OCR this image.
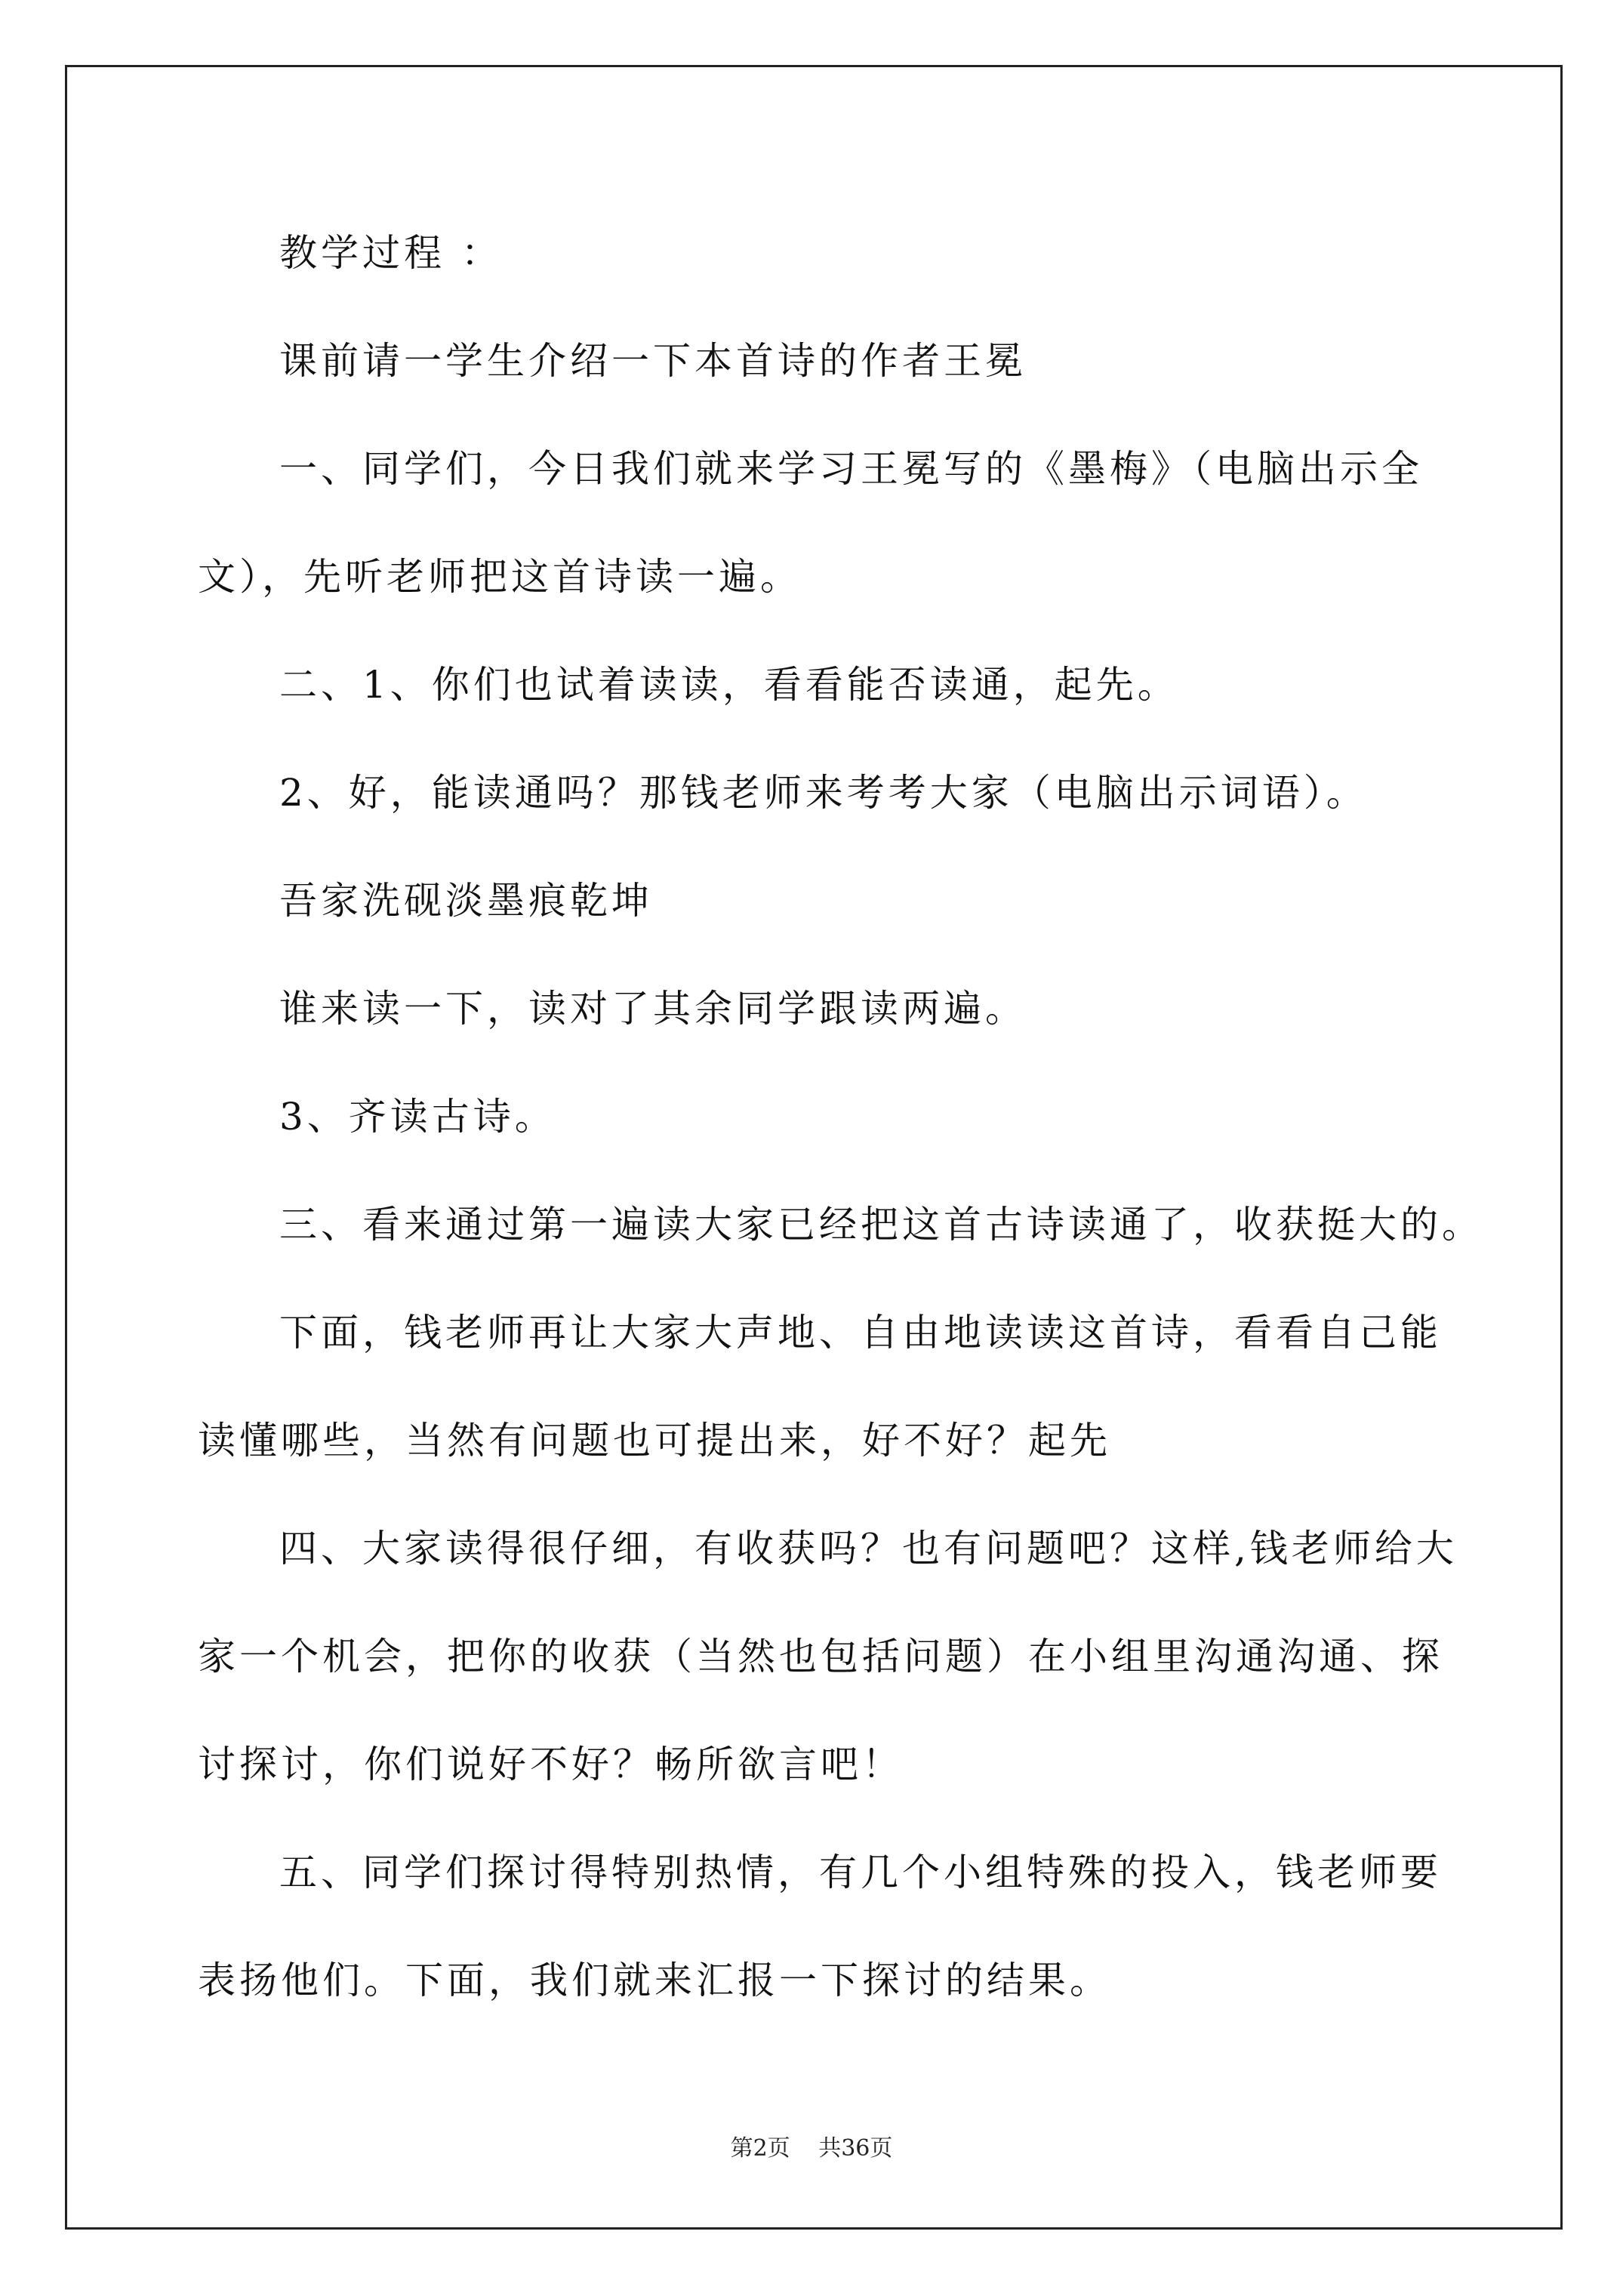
教学过程 ：
课前请一学生介绍一下本首诗的作者王冕
一、同学们，今日我们就来学习王冕写的《墨梅》（电脑出示全
文），先听老师把这首诗读一遍。
二、1、你们也试着读读，看看能否读通，起先。
2、好，能读通吗？那钱老师来考考大家（电脑出示词语）。
吾家洗砚淡墨痕乾坤
谁来读一下，读对了其余同学跟读两遍。
3、齐读古诗。
三、看来通过第一遍读大家已经把这首古诗读通了，收获挺大的。
下面，钱老师再让大家大声地、自由地读读这首诗，看看自己能
读懂哪些，当然有问题也可提出来，好不好？起先
四、大家读得很仔细，有收获吗？也有问题吧？这样,钱老师给大
家一个机会，把你的收获（当然也包括问题）在小组里沟通沟通、探
讨探讨，你们说好不好？畅所欲言吧！
五、同学们探讨得特别热情，有几个小组特殊的投入，钱老师要
表扬他们。下面，我们就来汇报一下探讨的结果。
第2页 共36页
